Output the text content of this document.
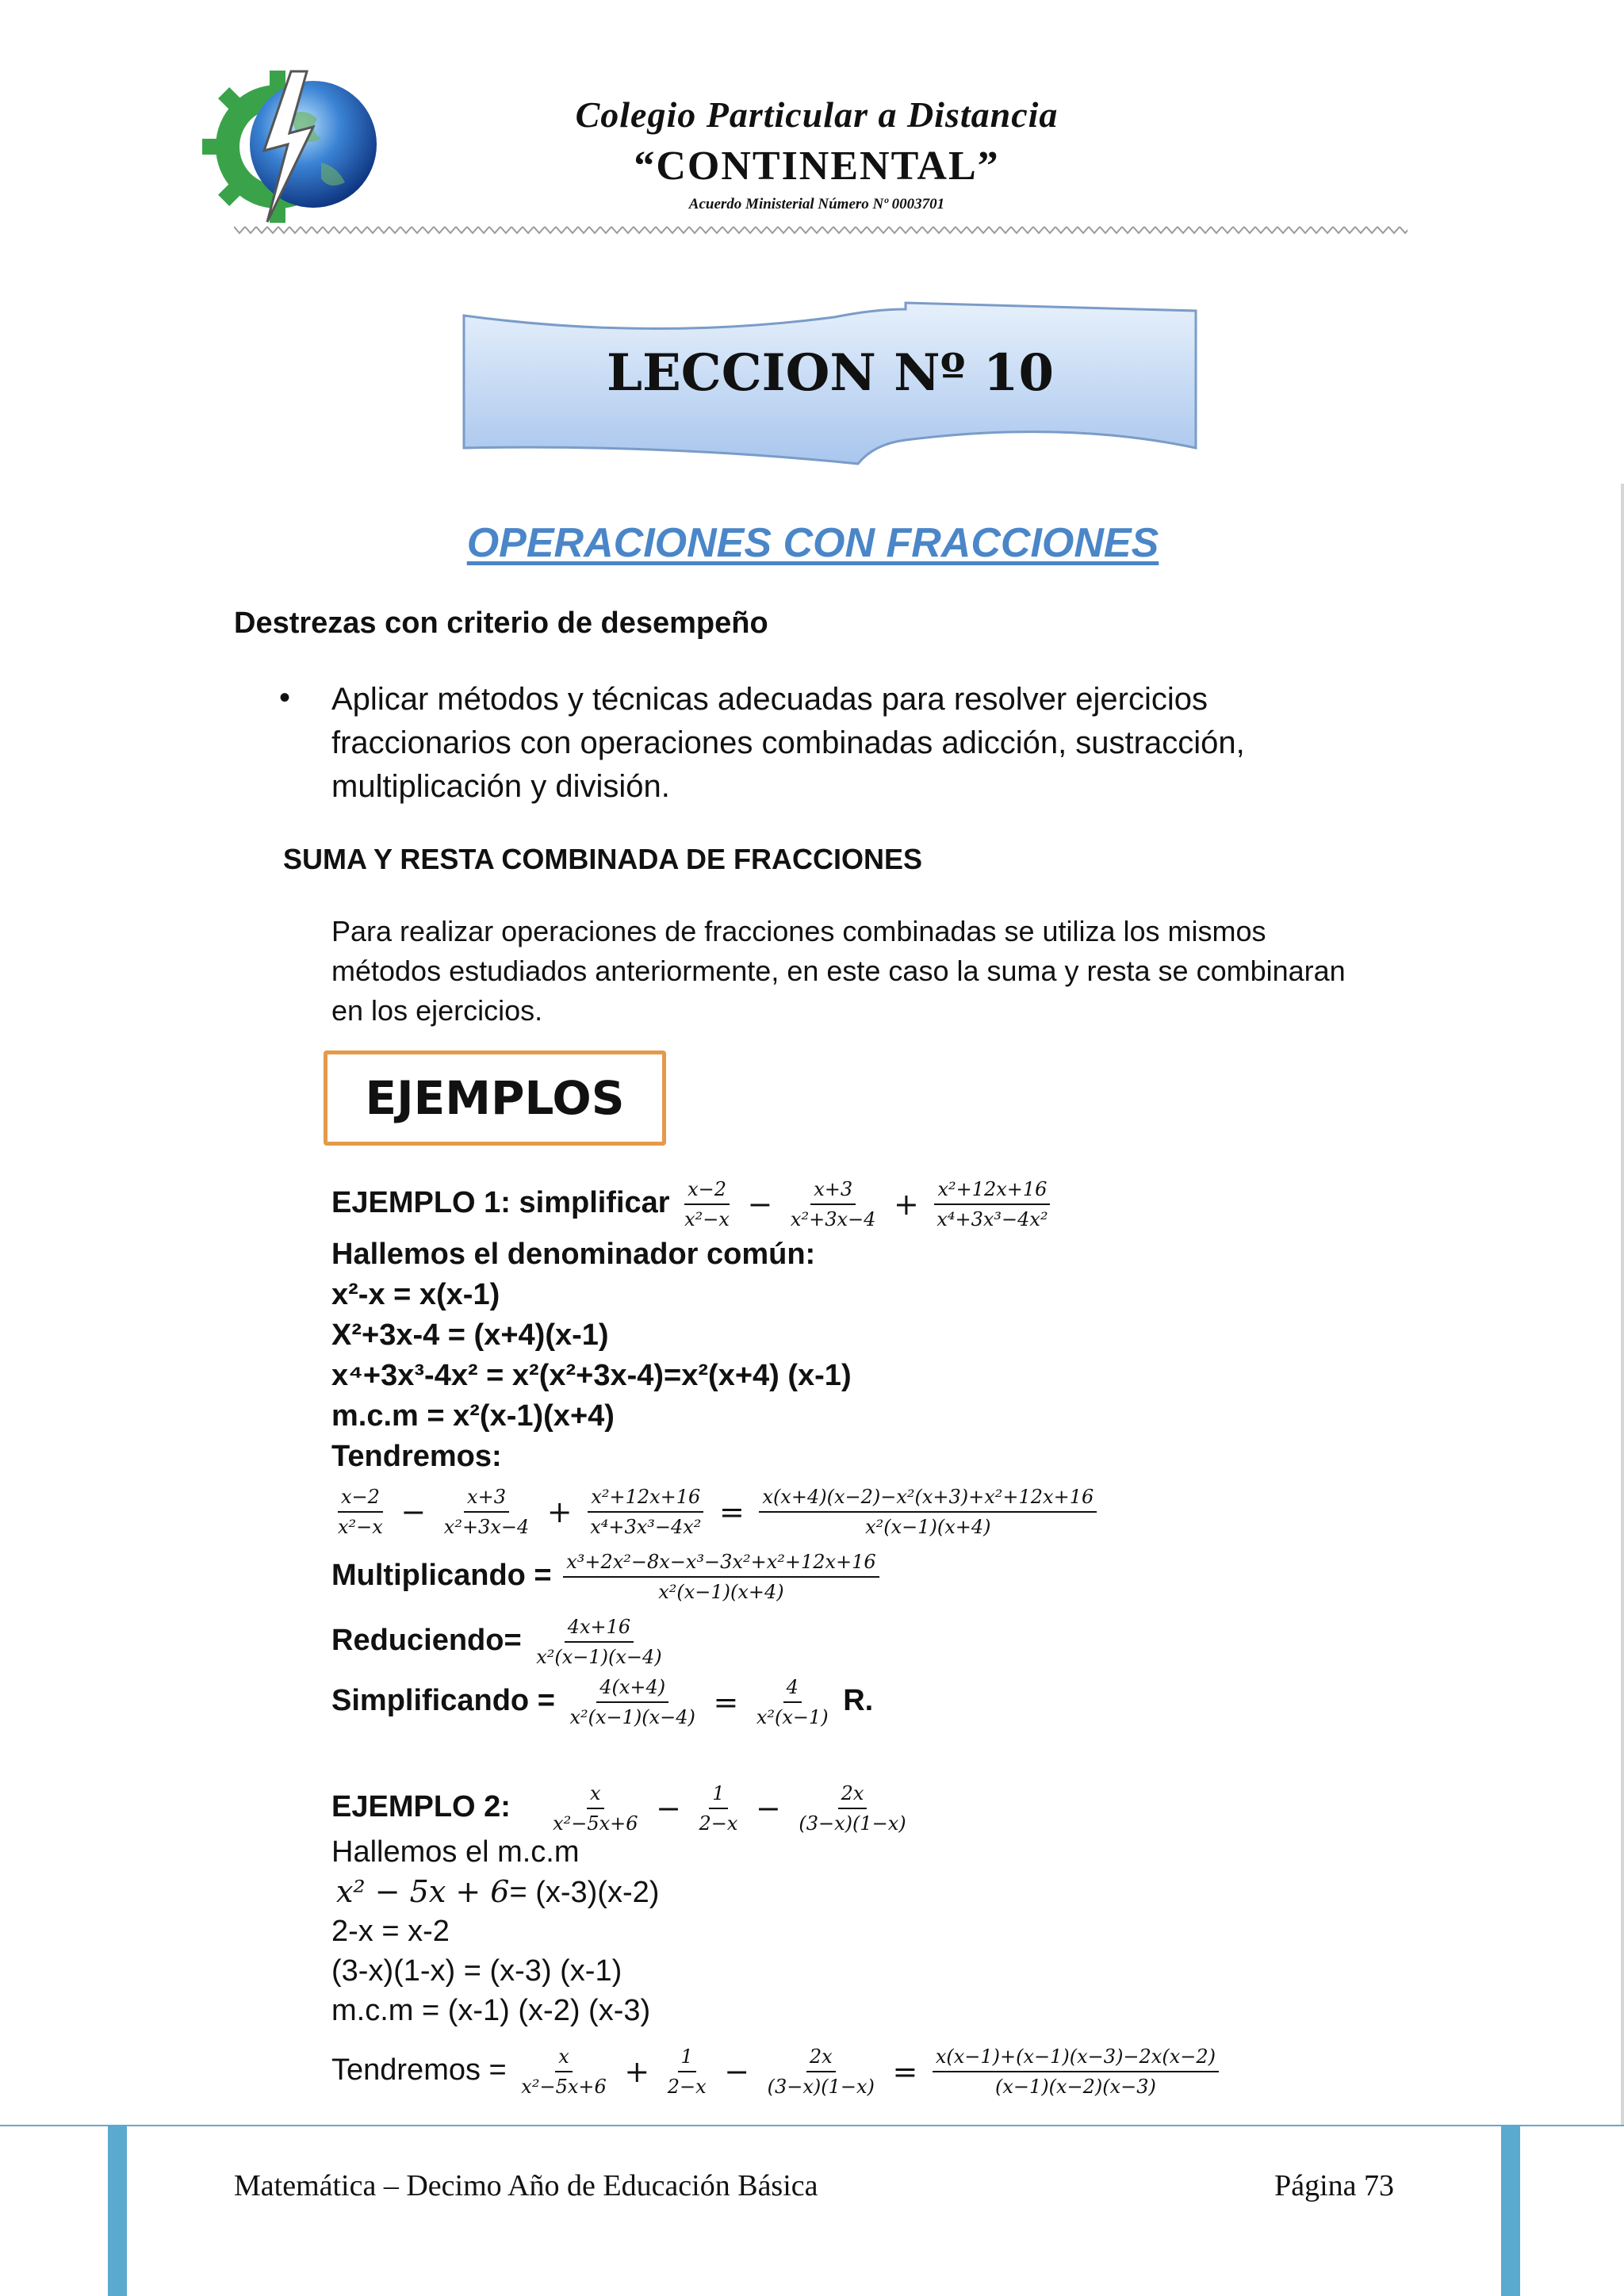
Colegio Particular a Distancia
“CONTINENTAL”
Acuerdo Ministerial Número Nº 0003701
LECCION Nº 10
OPERACIONES CON FRACCIONES
Destrezas con criterio de desempeño
• Aplicar métodos y técnicas adecuadas para resolver ejercicios fraccionarios con operaciones combinadas adicción, sustracción, multiplicación y división.
SUMA Y RESTA COMBINADA DE FRACCIONES
Para realizar operaciones de fracciones combinadas se utiliza los mismos métodos estudiados anteriormente, en este caso la suma y resta se combinaran en los ejercicios.
EJEMPLOS
EJEMPLO 1: simplificar $\frac{x-2}{\text{x²−x}} - \frac{x+3}{\text{x²+3x−4}} + \frac{\text{x²+12x+16}}{\text{x⁴+3x³−4x²}}$
Hallemos el denominador común:
x²-x = x(x-1)
X²+3x-4 = (x+4)(x-1)
x⁴+3x³-4x² = x²(x²+3x-4)=x²(x+4) (x-1)
m.c.m = x²(x-1)(x+4)
Tendremos:
$\frac{x-2}{\text{x²−x}} - \frac{x+3}{\text{x²+3x−4}} + \frac{\text{x²+12x+16}}{\text{x⁴+3x³−4x²}} = \frac{\text{x(x+4)(x−2)−x²(x+3)+x²+12x+16}}{\text{x²(x−1)(x+4)}}$
Multiplicando = $\frac{\text{x³+2x²−8x−x³−3x²+x²+12x+16}}{\text{x²(x−1)(x+4)}}$
Reduciendo= $\frac{4x+16}{\text{x²(x−1)(x−4)}}$
Simplificando = $\frac{4(x+4)}{\text{x²(x−1)(x−4)}} = \frac{4}{\text{x²(x−1)}} R$.
EJEMPLO 2: $\frac{x}{\text{x²−5x+6}} - \frac{1}{2-x} - \frac{2x}{(3-x)(1-x)}$
Hallemos el m.c.m
x² − 5x + 6= (x-3)(x-2)
2-x = x-2
(3-x)(1-x) = (x-3) (x-1)
m.c.m = (x-1) (x-2) (x-3)
Tendremos = $\frac{x}{\text{x²−5x+6}} + \frac{1}{2-x} - \frac{2x}{(3-x)(1-x)} = \frac{x(x-1)+(x-1)(x-3)-2x(x-2)}{(x-1)(x-2)(x-3)}$
Matemática – Decimo Año de Educación Básica	Página 73
